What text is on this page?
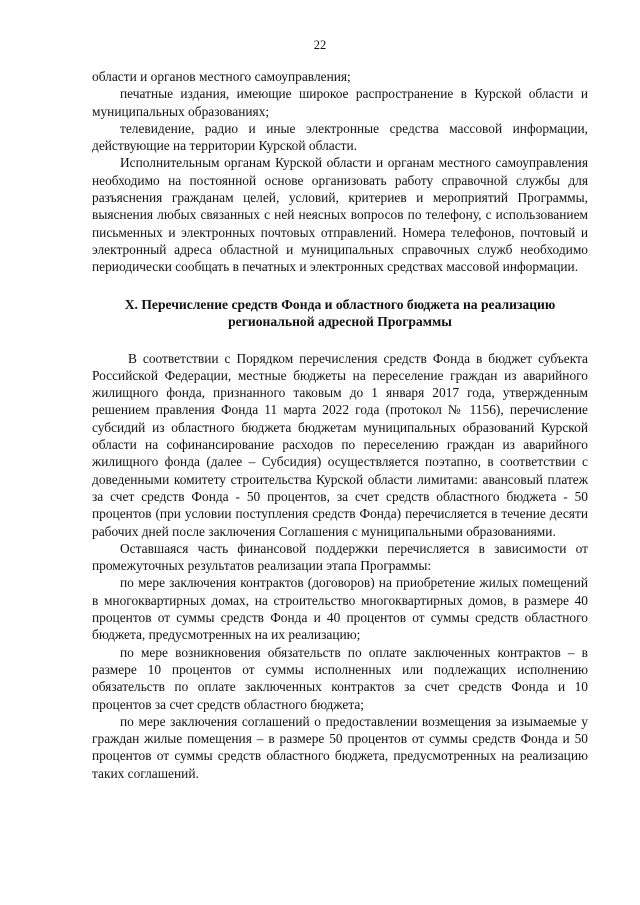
22

области и органов местного самоуправления;

печатные издания, имеющие широкое распространение в Курской области и муниципальных образованиях;

телевидение, радио и иные электронные средства массовой информации, действующие на территории Курской области.

Исполнительным органам Курской области и органам местного самоуправления необходимо на постоянной основе организовать работу справочной службы для разъяснения гражданам целей, условий, критериев и мероприятий Программы, выяснения любых связанных с ней неясных вопросов по телефону, с использованием письменных и электронных почтовых отправлений. Номера телефонов, почтовый и электронный адреса областной и муниципальных справочных служб необходимо периодически сообщать в печатных и электронных средствах массовой информации.

X. Перечисление средств Фонда и областного бюджета на реализацию региональной адресной Программы

В соответствии с Порядком перечисления средств Фонда в бюджет субъекта Российской Федерации, местные бюджеты на переселение граждан из аварийного жилищного фонда, признанного таковым до 1 января 2017 года, утвержденным решением правления Фонда 11 марта 2022 года (протокол № 1156), перечисление субсидий из областного бюджета бюджетам муниципальных образований Курской области на софинансирование расходов по переселению граждан из аварийного жилищного фонда (далее – Субсидия) осуществляется поэтапно, в соответствии с доведенными комитету строительства Курской области лимитами: авансовый платеж за счет средств Фонда - 50 процентов, за счет средств областного бюджета - 50 процентов (при условии поступления средств Фонда) перечисляется в течение десяти рабочих дней после заключения Соглашения с муниципальными образованиями.

Оставшаяся часть финансовой поддержки перечисляется в зависимости от промежуточных результатов реализации этапа Программы:

по мере заключения контрактов (договоров) на приобретение жилых помещений в многоквартирных домах, на строительство многоквартирных домов, в размере 40 процентов от суммы средств Фонда и 40 процентов от суммы средств областного бюджета, предусмотренных на их реализацию;

по мере возникновения обязательств по оплате заключенных контрактов – в размере 10 процентов от суммы исполненных или подлежащих исполнению обязательств по оплате заключенных контрактов за счет средств Фонда и 10 процентов за счет средств областного бюджета;

по мере заключения соглашений о предоставлении возмещения за изымаемые у граждан жилые помещения – в размере 50 процентов от суммы средств Фонда и 50 процентов от суммы средств областного бюджета, предусмотренных на реализацию таких соглашений.
